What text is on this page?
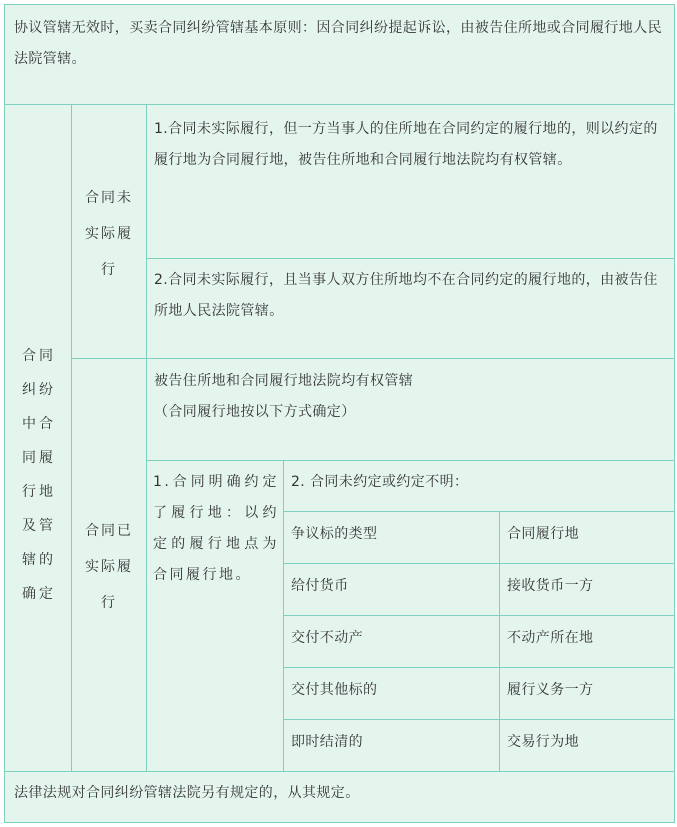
协议管辖无效时，买卖合同纠纷管辖基本原则：因合同纠纷提起诉讼，由被告住所地或合同履行地人民法院管辖。
合同纠纷中合同履行地及管辖的确定
合同未实际履行
1.合同未实际履行，但一方当事人的住所地在合同约定的履行地的，则以约定的履行地为合同履行地，被告住所地和合同履行地法院均有权管辖。
2.合同未实际履行，且当事人双方住所地均不在合同约定的履行地的，由被告住所地人民法院管辖。
合同已实际履行
被告住所地和合同履行地法院均有权管辖
（合同履行地按以下方式确定）
1.合同明确约定了履行地：以约定的履行地点为合同履行地。
2. 合同未约定或约定不明：
争议标的类型	合同履行地
给付货币	接收货币一方
交付不动产	不动产所在地
交付其他标的	履行义务一方
即时结清的	交易行为地
法律法规对合同纠纷管辖法院另有规定的，从其规定。
